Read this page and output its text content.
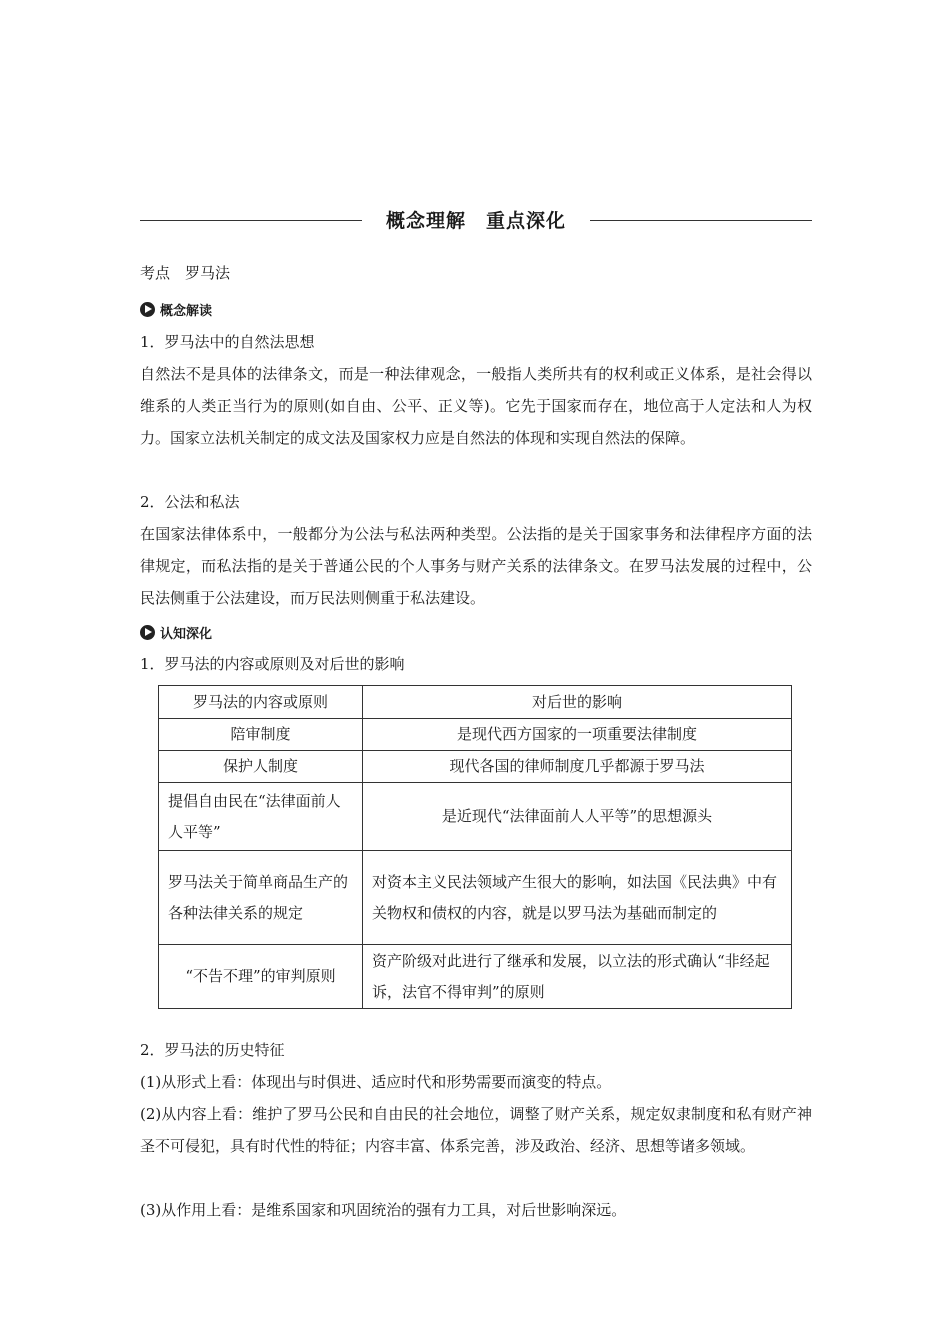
概念理解　重点深化
考点　罗马法
概念解读
1．罗马法中的自然法思想
自然法不是具体的法律条文，而是一种法律观念，一般指人类所共有的权利或正义体系，是社会得以维系的人类正当行为的原则(如自由、公平、正义等)。它先于国家而存在，地位高于人定法和人为权力。国家立法机关制定的成文法及国家权力应是自然法的体现和实现自然法的保障。
2．公法和私法
在国家法律体系中，一般都分为公法与私法两种类型。公法指的是关于国家事务和法律程序方面的法律规定，而私法指的是关于普通公民的个人事务与财产关系的法律条文。在罗马法发展的过程中，公民法侧重于公法建设，而万民法则侧重于私法建设。
认知深化
1．罗马法的内容或原则及对后世的影响
罗马法的内容或原则	对后世的影响
陪审制度	是现代西方国家的一项重要法律制度
保护人制度	现代各国的律师制度几乎都源于罗马法
提倡自由民在“法律面前人人平等”	是近现代“法律面前人人平等”的思想源头
罗马法关于简单商品生产的各种法律关系的规定	对资本主义民法领域产生很大的影响，如法国《民法典》中有关物权和债权的内容，就是以罗马法为基础而制定的
“不告不理”的审判原则	资产阶级对此进行了继承和发展，以立法的形式确认“非经起诉，法官不得审判”的原则
2．罗马法的历史特征
(1)从形式上看：体现出与时俱进、适应时代和形势需要而演变的特点。
(2)从内容上看：维护了罗马公民和自由民的社会地位，调整了财产关系，规定奴隶制度和私有财产神圣不可侵犯，具有时代性的特征；内容丰富、体系完善，涉及政治、经济、思想等诸多领域。
(3)从作用上看：是维系国家和巩固统治的强有力工具，对后世影响深远。
